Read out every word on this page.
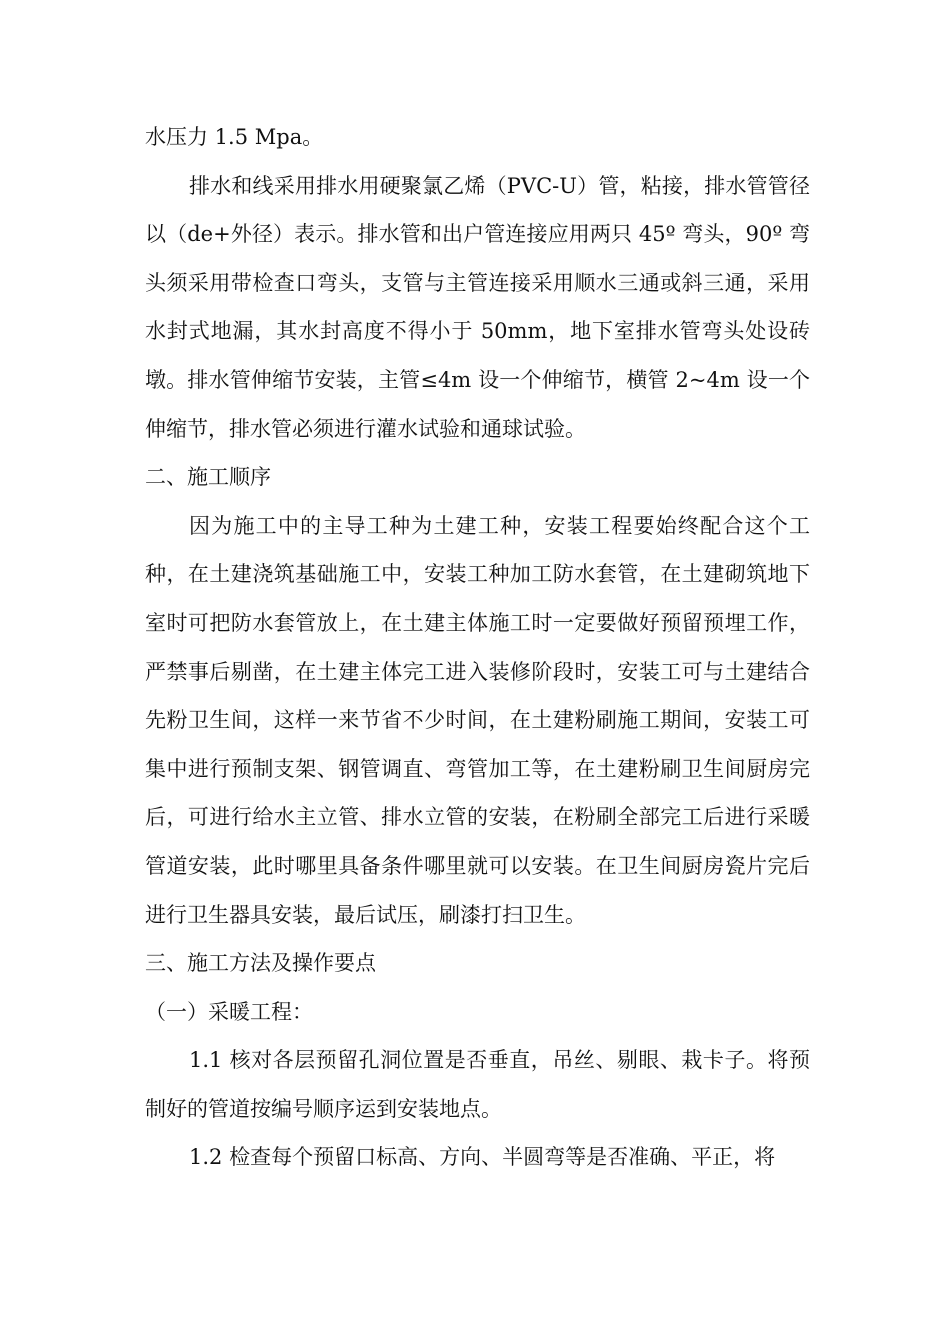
水压力 1.5 Mpa。

排水和线采用排水用硬聚氯乙烯（PVC-U）管，粘接，排水管管径以（de+外径）表示。排水管和出户管连接应用两只 45º 弯头，90º 弯头须采用带检查口弯头，支管与主管连接采用顺水三通或斜三通，采用水封式地漏，其水封高度不得小于 50mm，地下室排水管弯头处设砖墩。排水管伸缩节安装，主管≤4m 设一个伸缩节，横管 2~4m 设一个伸缩节，排水管必须进行灌水试验和通球试验。

二、施工顺序

因为施工中的主导工种为土建工种，安装工程要始终配合这个工种，在土建浇筑基础施工中，安装工种加工防水套管，在土建砌筑地下室时可把防水套管放上，在土建主体施工时一定要做好预留预埋工作，严禁事后剔凿，在土建主体完工进入装修阶段时，安装工可与土建结合先粉卫生间，这样一来节省不少时间，在土建粉刷施工期间，安装工可集中进行预制支架、钢管调直、弯管加工等，在土建粉刷卫生间厨房完后，可进行给水主立管、排水立管的安装，在粉刷全部完工后进行采暖管道安装，此时哪里具备条件哪里就可以安装。在卫生间厨房瓷片完后进行卫生器具安装，最后试压，刷漆打扫卫生。

三、施工方法及操作要点

（一）采暖工程：

1.1 核对各层预留孔洞位置是否垂直，吊丝、剔眼、栽卡子。将预制好的管道按编号顺序运到安装地点。

1.2 检查每个预留口标高、方向、半圆弯等是否准确、平正，将
